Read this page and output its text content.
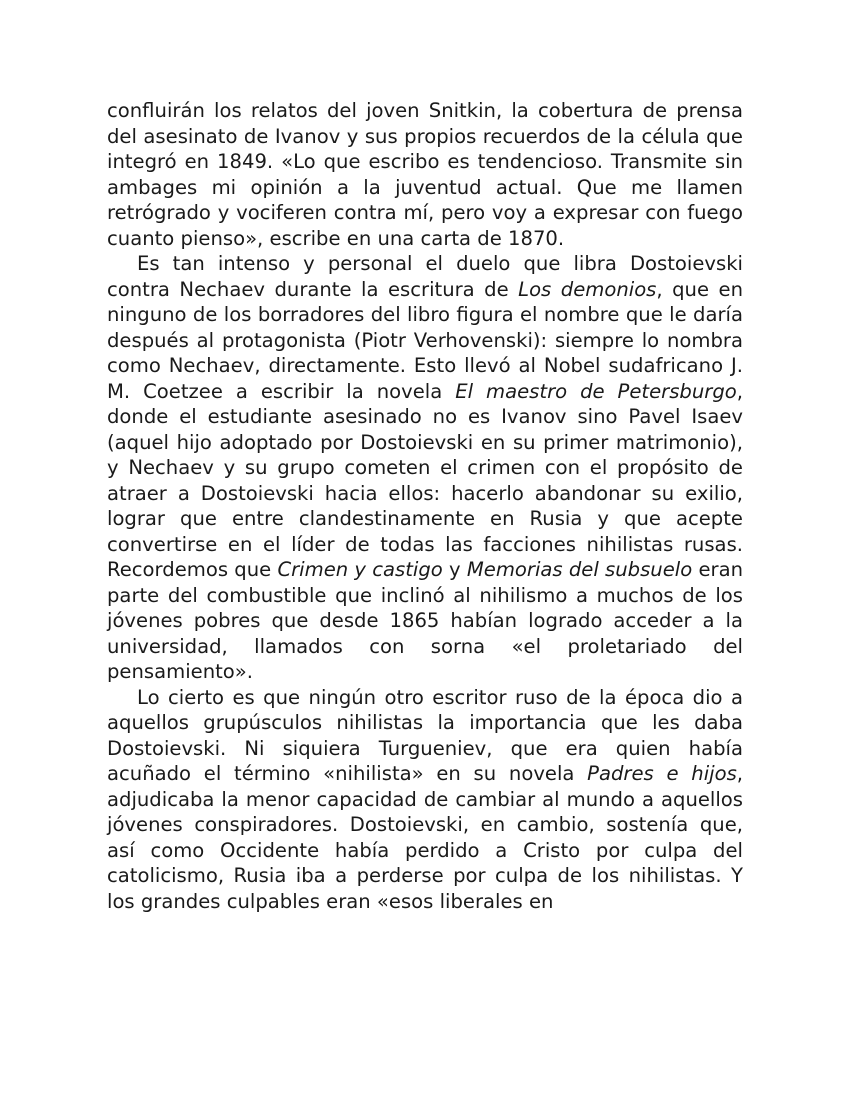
confluirán los relatos del joven Snitkin, la cobertura de prensa del asesinato de Ivanov y sus propios recuerdos de la célula que integró en 1849. «Lo que escribo es tendencioso. Transmite sin ambages mi opinión a la juventud actual. Que me llamen retrógrado y vociferen contra mí, pero voy a expresar con fuego cuanto pienso», escribe en una carta de 1870.

Es tan intenso y personal el duelo que libra Dostoievski contra Nechaev durante la escritura de Los demonios, que en ninguno de los borradores del libro figura el nombre que le daría después al protagonista (Piotr Verhovenski): siempre lo nombra como Nechaev, directamente. Esto llevó al Nobel sudafricano J. M. Coetzee a escribir la novela El maestro de Petersburgo, donde el estudiante asesinado no es Ivanov sino Pavel Isaev (aquel hijo adoptado por Dostoievski en su primer matrimonio), y Nechaev y su grupo cometen el crimen con el propósito de atraer a Dostoievski hacia ellos: hacerlo abandonar su exilio, lograr que entre clandestinamente en Rusia y que acepte convertirse en el líder de todas las facciones nihilistas rusas. Recordemos que Crimen y castigo y Memorias del subsuelo eran parte del combustible que inclinó al nihilismo a muchos de los jóvenes pobres que desde 1865 habían logrado acceder a la universidad, llamados con sorna «el proletariado del pensamiento».

Lo cierto es que ningún otro escritor ruso de la época dio a aquellos grupúsculos nihilistas la importancia que les daba Dostoievski. Ni siquiera Turgueniev, que era quien había acuñado el término «nihilista» en su novela Padres e hijos, adjudicaba la menor capacidad de cambiar al mundo a aquellos jóvenes conspiradores. Dostoievski, en cambio, sostenía que, así como Occidente había perdido a Cristo por culpa del catolicismo, Rusia iba a perderse por culpa de los nihilistas. Y los grandes culpables eran «esos liberales en
